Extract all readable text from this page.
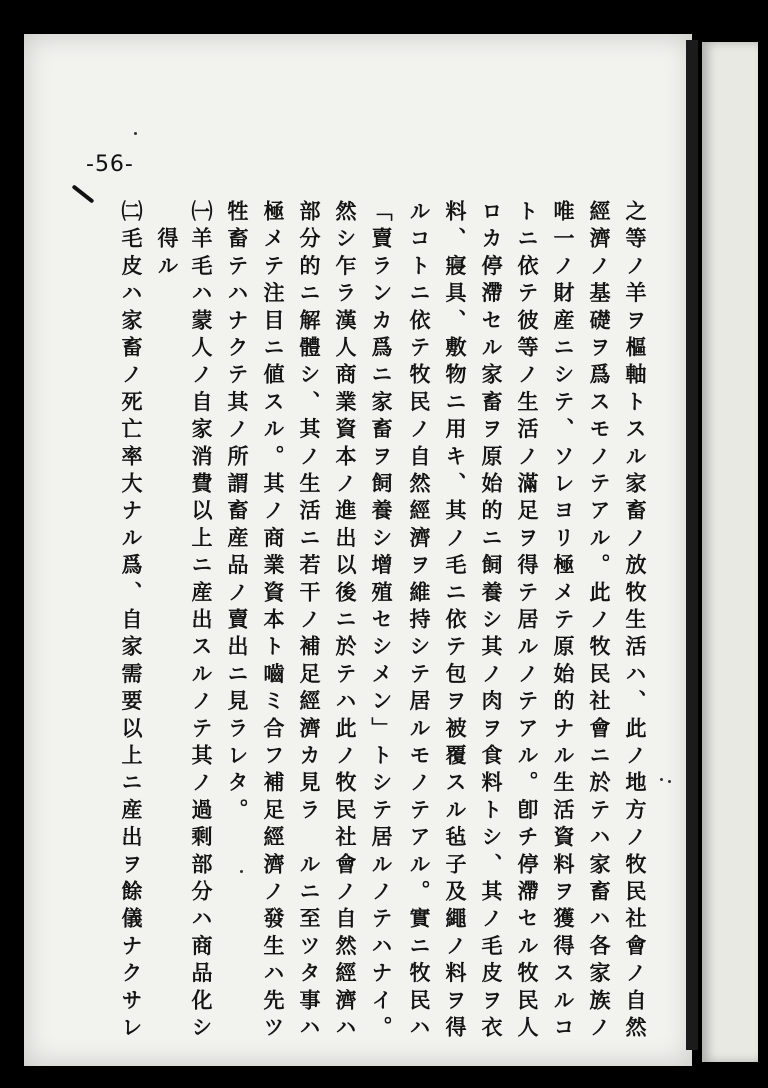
-56-
之等ノ羊ヲ樞軸トスル家畜ノ放牧生活ハ、此ノ地方ノ牧民社會ノ自然
經濟ノ基礎ヲ爲スモノテアル。此ノ牧民社會ニ於テハ家畜ハ各家族ノ
唯一ノ財産ニシテ、ソレヨリ極メテ原始的ナル生活資料ヲ獲得スルコ
トニ依テ彼等ノ生活ノ滿足ヲ得テ居ルノテアル。卽チ停滯セル牧民人
ロカ停滯セル家畜ヲ原始的ニ飼養シ其ノ肉ヲ食料トシ、其ノ毛皮ヲ衣
料、寢具、敷物ニ用キ、其ノ毛ニ依テ包ヲ被覆スル毡子及繩ノ料ヲ得
ルコトニ依テ牧民ノ自然經濟ヲ維持シテ居ルモノテアル。實ニ牧民ハ
「賣ランカ爲ニ家畜ヲ飼養シ增殖セシメン」トシテ居ルノテハナイ。
然シ乍ラ漢人商業資本ノ進出以後ニ於テハ此ノ牧民社會ノ自然經濟ハ
部分的ニ解體シ、其ノ生活ニ若干ノ補足經濟カ見ラ　ルニ至ツタ事ハ
極メテ注目ニ値スル。其ノ商業資本ト嚙ミ合フ補足經濟ノ發生ハ先ツ
牲畜テハナクテ其ノ所謂畜産品ノ賣出ニ見ラレタ。
㈠羊毛ハ蒙人ノ自家消費以上ニ産出スルノテ其ノ過剩部分ハ商品化シ
　得ル
㈡毛皮ハ家畜ノ死亡率大ナル爲、自家需要以上ニ産出ヲ餘儀ナクサレ
